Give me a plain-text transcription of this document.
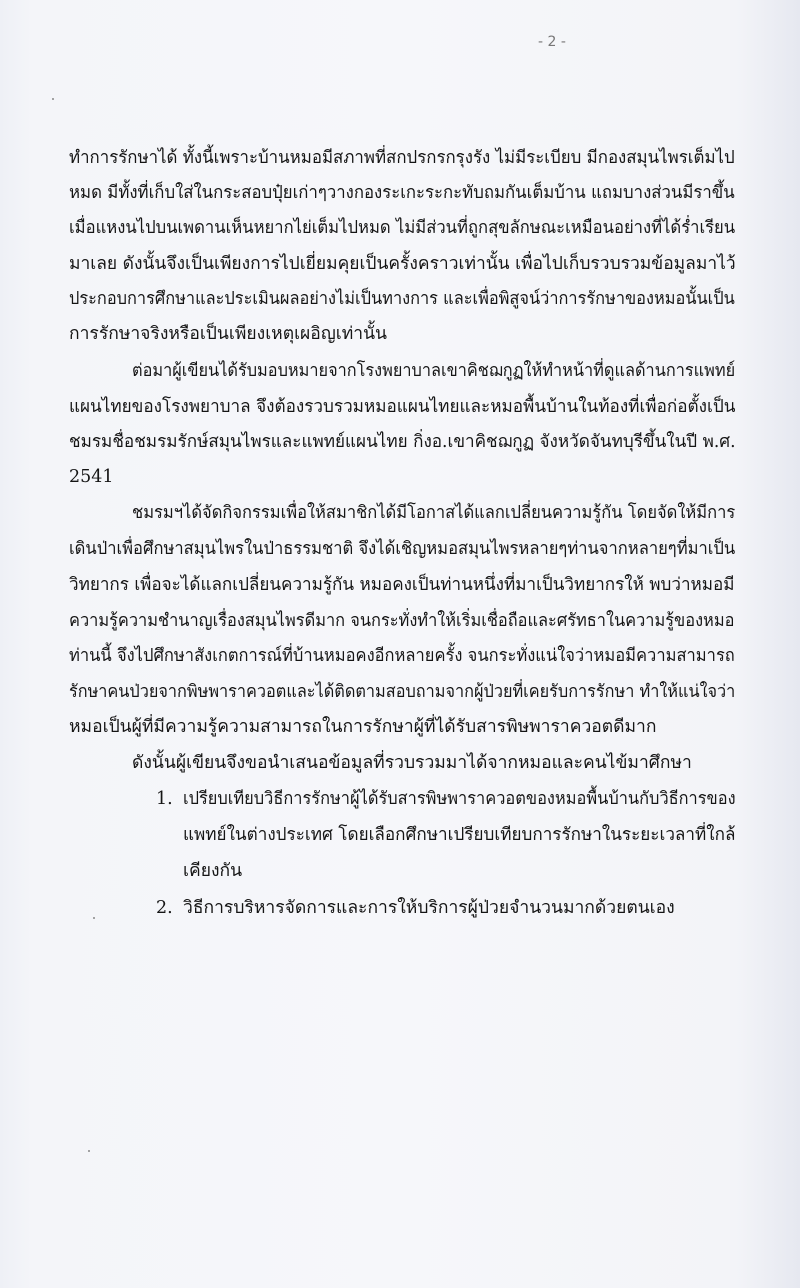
- 2 -
ทำการรักษาได้ ทั้งนี้เพราะบ้านหมอมีสภาพที่สกปรกรกรุงรัง ไม่มีระเบียบ มีกองสมุนไพรเต็มไป
หมด มีทั้งที่เก็บใส่ในกระสอบปุ๋ยเก่าๆวางกองระเกะระกะทับถมกันเต็มบ้าน แถมบางส่วนมีราขึ้น
เมื่อแหงนไปบนเพดานเห็นหยากไย่เต็มไปหมด ไม่มีส่วนที่ถูกสุขลักษณะเหมือนอย่างที่ได้ร่ำเรียน
มาเลย ดังนั้นจึงเป็นเพียงการไปเยี่ยมคุยเป็นครั้งคราวเท่านั้น เพื่อไปเก็บรวบรวมข้อมูลมาไว้
ประกอบการศึกษาและประเมินผลอย่างไม่เป็นทางการ และเพื่อพิสูจน์ว่าการรักษาของหมอนั้นเป็น
การรักษาจริงหรือเป็นเพียงเหตุเผอิญเท่านั้น
ต่อมาผู้เขียนได้รับมอบหมายจากโรงพยาบาลเขาคิชฌกูฏให้ทำหน้าที่ดูแลด้านการแพทย์
แผนไทยของโรงพยาบาล จึงต้องรวบรวมหมอแผนไทยและหมอพื้นบ้านในท้องที่เพื่อก่อตั้งเป็น
ชมรมชื่อชมรมรักษ์สมุนไพรและแพทย์แผนไทย กิ่งอ.เขาคิชฌกูฏ จังหวัดจันทบุรีขึ้นในปี พ.ศ.
2541
ชมรมฯได้จัดกิจกรรมเพื่อให้สมาชิกได้มีโอกาสได้แลกเปลี่ยนความรู้กัน โดยจัดให้มีการ
เดินป่าเพื่อศึกษาสมุนไพรในป่าธรรมชาติ จึงได้เชิญหมอสมุนไพรหลายๆท่านจากหลายๆที่มาเป็น
วิทยากร เพื่อจะได้แลกเปลี่ยนความรู้กัน หมอคงเป็นท่านหนึ่งที่มาเป็นวิทยากรให้ พบว่าหมอมี
ความรู้ความชำนาญเรื่องสมุนไพรดีมาก จนกระทั่งทำให้เริ่มเชื่อถือและศรัทธาในความรู้ของหมอ
ท่านนี้ จึงไปศึกษาสังเกตการณ์ที่บ้านหมอคงอีกหลายครั้ง จนกระทั่งแน่ใจว่าหมอมีความสามารถ
รักษาคนป่วยจากพิษพาราควอตและได้ติดตามสอบถามจากผู้ป่วยที่เคยรับการรักษา ทำให้แน่ใจว่า
หมอเป็นผู้ที่มีความรู้ความสามารถในการรักษาผู้ที่ได้รับสารพิษพาราควอตดีมาก
ดังนั้นผู้เขียนจึงขอนำเสนอข้อมูลที่รวบรวมมาได้จากหมอและคนไข้มาศึกษา
1. เปรียบเทียบวิธีการรักษาผู้ได้รับสารพิษพาราควอตของหมอพื้นบ้านกับวิธีการของ
แพทย์ในต่างประเทศ โดยเลือกศึกษาเปรียบเทียบการรักษาในระยะเวลาที่ใกล้
เคียงกัน
2. วิธีการบริหารจัดการและการให้บริการผู้ป่วยจำนวนมากด้วยตนเอง
